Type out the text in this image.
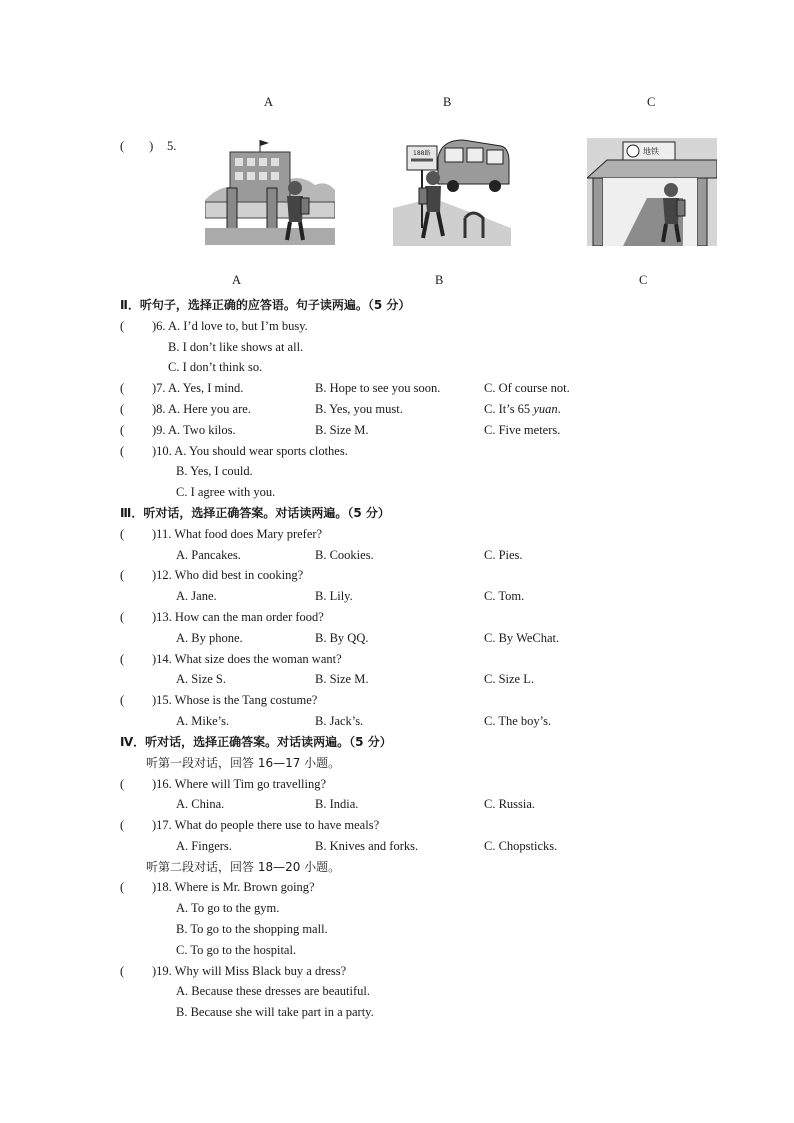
A	B	C
(　　) 5.
188路	地铁
A	B	C
Ⅱ．听句子，选择正确的应答语。句子读两遍。（5 分）
(	)6. A. I’d love to, but I’m busy.
B. I don’t like shows at all.
C. I don’t think so.
(	)7. A. Yes, I mind.	B. Hope to see you soon.	C. Of course not.
(	)8. A. Here you are.	B. Yes, you must.	C. It’s 65 yuan.
(	)9. A. Two kilos.	B. Size M.	C. Five meters.
(	)10. A. You should wear sports clothes.
B. Yes, I could.
C. I agree with you.
Ⅲ．听对话，选择正确答案。对话读两遍。（5 分）
(	)11. What food does Mary prefer?
A. Pancakes.	B. Cookies.	C. Pies.
(	)12. Who did best in cooking?
A. Jane.	B. Lily.	C. Tom.
(	)13. How can the man order food?
A. By phone.	B. By QQ.	C. By WeChat.
(	)14. What size does the woman want?
A. Size S.	B. Size M.	C. Size L.
(	)15. Whose is the Tang costume?
A. Mike’s.	B. Jack’s.	C. The boy’s.
Ⅳ．听对话，选择正确答案。对话读两遍。（5 分）
听第一段对话，回答 16—17 小题。
(	)16. Where will Tim go travelling?
A. China.	B. India.	C. Russia.
(	)17. What do people there use to have meals?
A. Fingers.	B. Knives and forks.	C. Chopsticks.
听第二段对话，回答 18—20 小题。
(	)18. Where is Mr. Brown going?
A. To go to the gym.
B. To go to the shopping mall.
C. To go to the hospital.
(	)19. Why will Miss Black buy a dress?
A. Because these dresses are beautiful.
B. Because she will take part in a party.
